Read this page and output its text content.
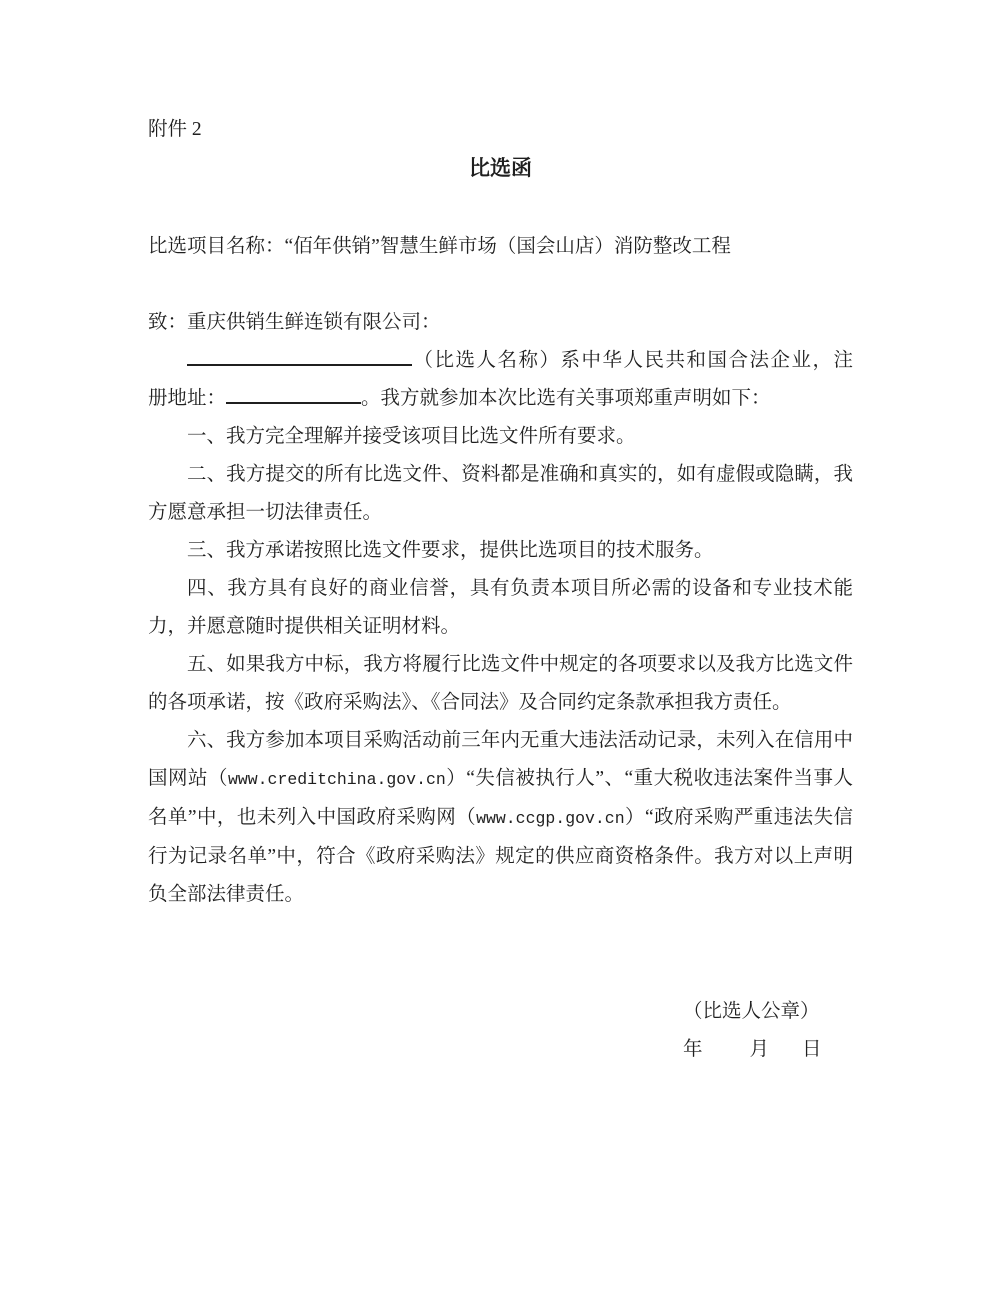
附件 2
比选函
比选项目名称：“佰年供销”智慧生鲜市场（国会山店）消防整改工程
致：重庆供销生鲜连锁有限公司：
（比选人名称）系中华人民共和国合法企业，注
册地址：	。我方就参加本次比选有关事项郑重声明如下：

一、我方完全理解并接受该项目比选文件所有要求。

二、我方提交的所有比选文件、资料都是准确和真实的，如有虚假或隐瞒，我方愿意承担一切法律责任。

三、我方承诺按照比选文件要求，提供比选项目的技术服务。

四、我方具有良好的商业信誉，具有负责本项目所必需的设备和专业技术能力，并愿意随时提供相关证明材料。

五、如果我方中标，我方将履行比选文件中规定的各项要求以及我方比选文件的各项承诺，按《政府采购法》、《合同法》及合同约定条款承担我方责任。

六、我方参加本项目采购活动前三年内无重大违法活动记录，未列入在信用中国网站（www.creditchina.gov.cn）“失信被执行人”、“重大税收违法案件当事人名单”中，也未列入中国政府采购网（www.ccgp.gov.cn）“政府采购严重违法失信行为记录名单”中，符合《政府采购法》规定的供应商资格条件。我方对以上声明负全部法律责任。

（比选人公章）
年 月 日
